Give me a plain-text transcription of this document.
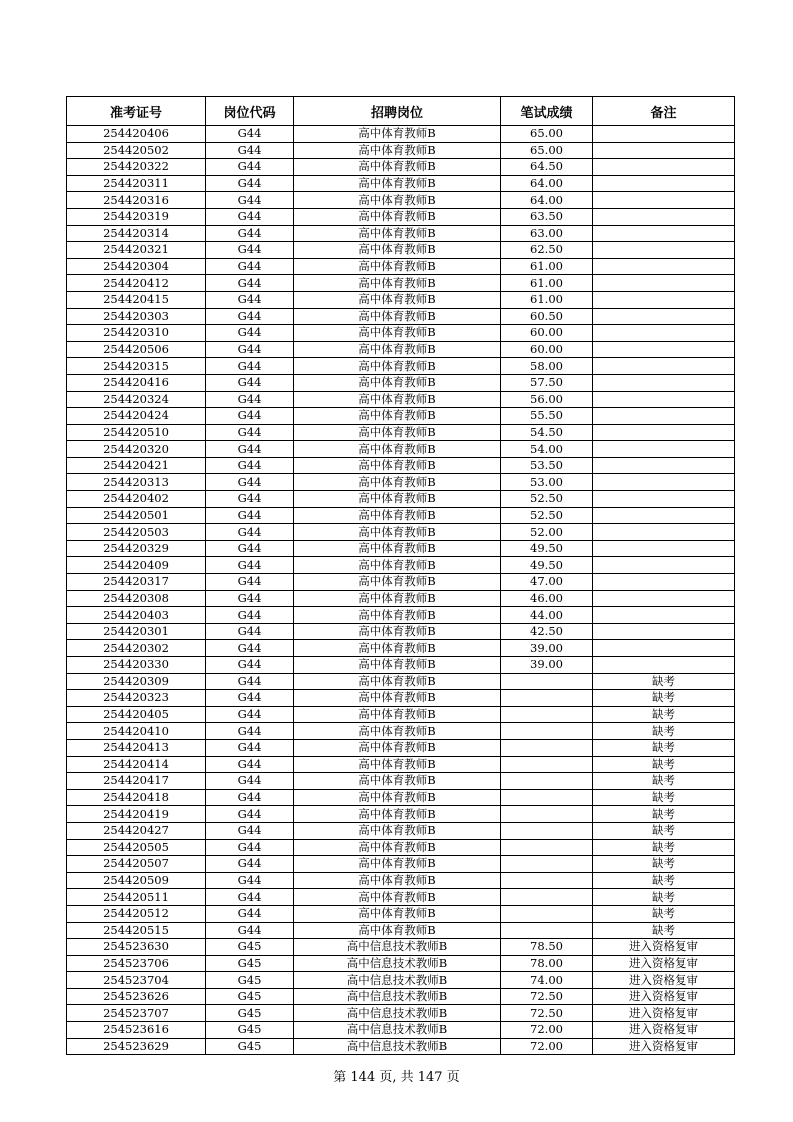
准考证号	岗位代码	招聘岗位	笔试成绩	备注
254420406	G44	高中体育教师B	65.00	
254420502	G44	高中体育教师B	65.00	
254420322	G44	高中体育教师B	64.50	
254420311	G44	高中体育教师B	64.00	
254420316	G44	高中体育教师B	64.00	
254420319	G44	高中体育教师B	63.50	
254420314	G44	高中体育教师B	63.00	
254420321	G44	高中体育教师B	62.50	
254420304	G44	高中体育教师B	61.00	
254420412	G44	高中体育教师B	61.00	
254420415	G44	高中体育教师B	61.00	
254420303	G44	高中体育教师B	60.50	
254420310	G44	高中体育教师B	60.00	
254420506	G44	高中体育教师B	60.00	
254420315	G44	高中体育教师B	58.00	
254420416	G44	高中体育教师B	57.50	
254420324	G44	高中体育教师B	56.00	
254420424	G44	高中体育教师B	55.50	
254420510	G44	高中体育教师B	54.50	
254420320	G44	高中体育教师B	54.00	
254420421	G44	高中体育教师B	53.50	
254420313	G44	高中体育教师B	53.00	
254420402	G44	高中体育教师B	52.50	
254420501	G44	高中体育教师B	52.50	
254420503	G44	高中体育教师B	52.00	
254420329	G44	高中体育教师B	49.50	
254420409	G44	高中体育教师B	49.50	
254420317	G44	高中体育教师B	47.00	
254420308	G44	高中体育教师B	46.00	
254420403	G44	高中体育教师B	44.00	
254420301	G44	高中体育教师B	42.50	
254420302	G44	高中体育教师B	39.00	
254420330	G44	高中体育教师B	39.00	
254420309	G44	高中体育教师B		缺考
254420323	G44	高中体育教师B		缺考
254420405	G44	高中体育教师B		缺考
254420410	G44	高中体育教师B		缺考
254420413	G44	高中体育教师B		缺考
254420414	G44	高中体育教师B		缺考
254420417	G44	高中体育教师B		缺考
254420418	G44	高中体育教师B		缺考
254420419	G44	高中体育教师B		缺考
254420427	G44	高中体育教师B		缺考
254420505	G44	高中体育教师B		缺考
254420507	G44	高中体育教师B		缺考
254420509	G44	高中体育教师B		缺考
254420511	G44	高中体育教师B		缺考
254420512	G44	高中体育教师B		缺考
254420515	G44	高中体育教师B		缺考
254523630	G45	高中信息技术教师B	78.50	进入资格复审
254523706	G45	高中信息技术教师B	78.00	进入资格复审
254523704	G45	高中信息技术教师B	74.00	进入资格复审
254523626	G45	高中信息技术教师B	72.50	进入资格复审
254523707	G45	高中信息技术教师B	72.50	进入资格复审
254523616	G45	高中信息技术教师B	72.00	进入资格复审
254523629	G45	高中信息技术教师B	72.00	进入资格复审
第 144 页, 共 147 页
